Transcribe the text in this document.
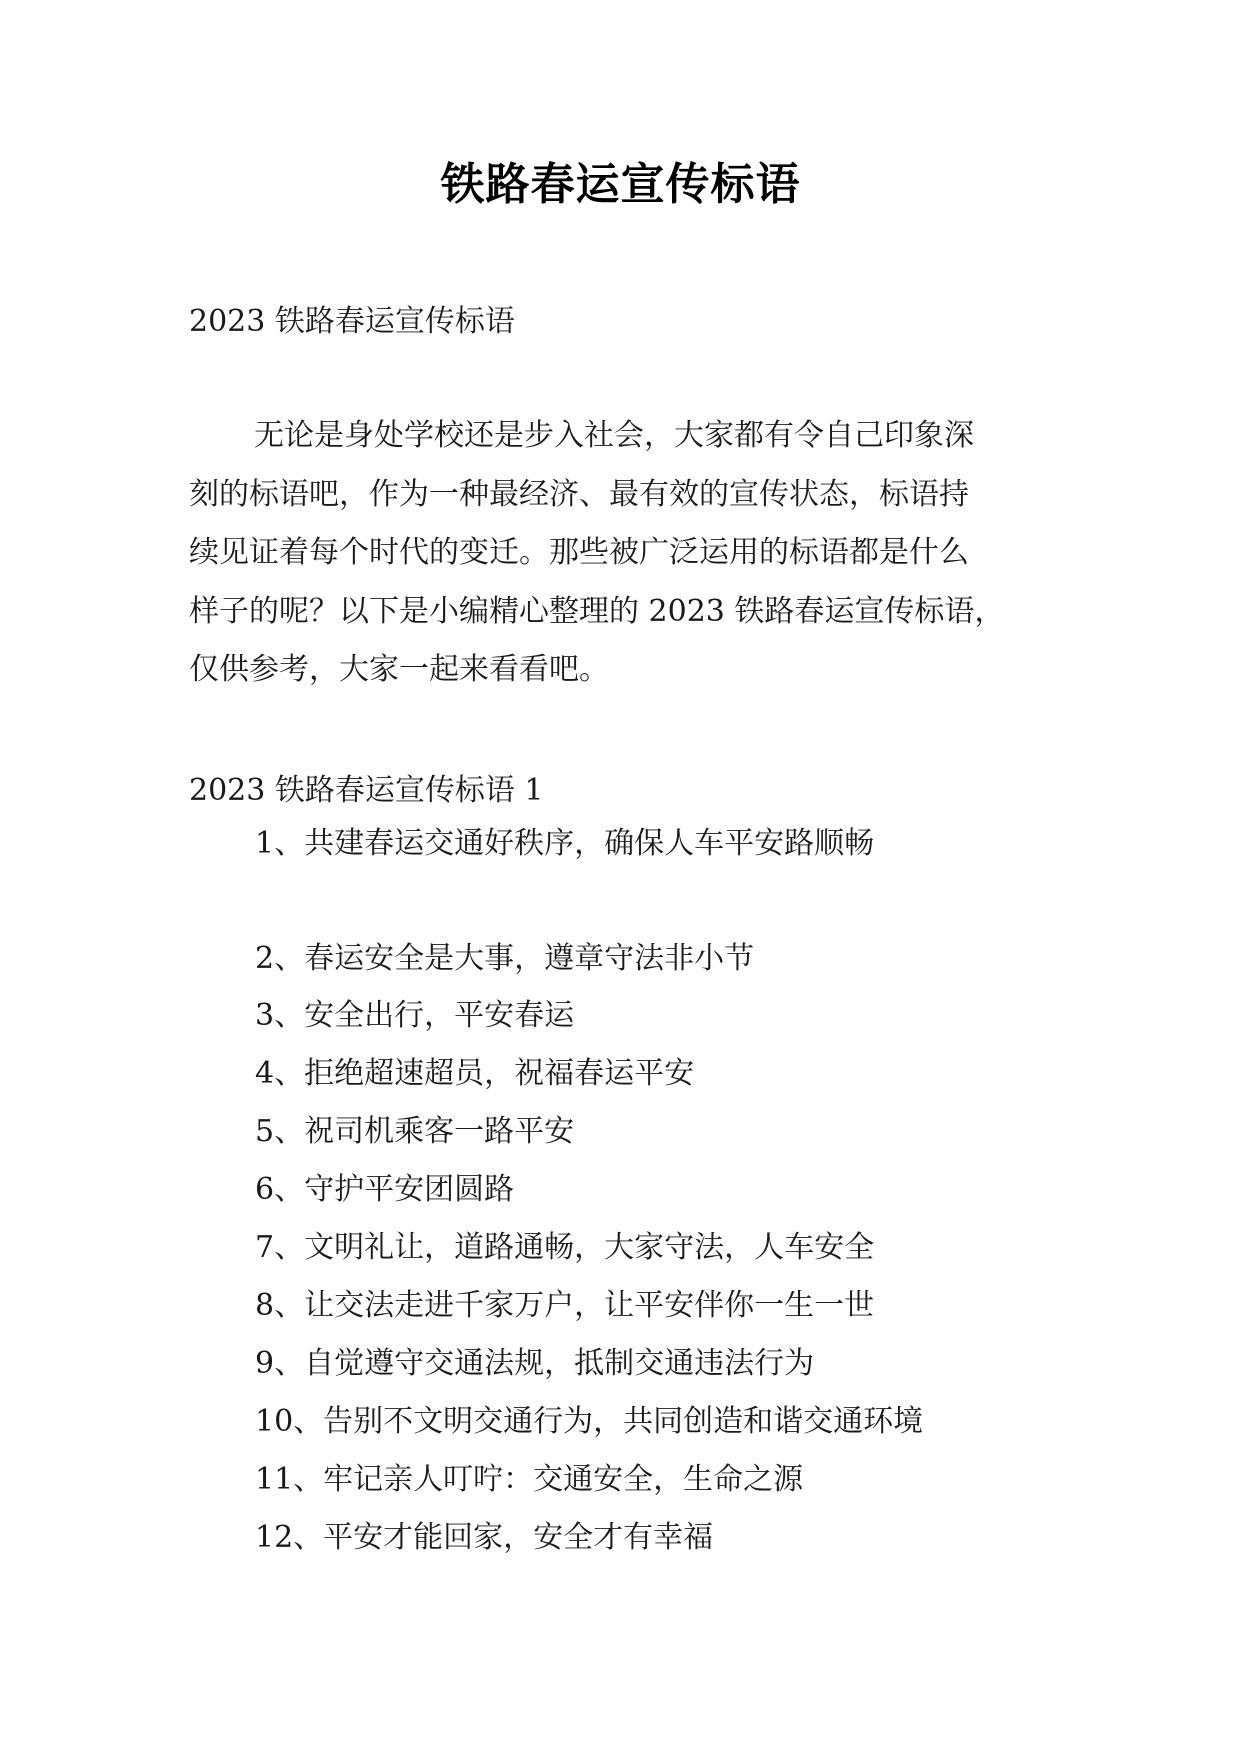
铁路春运宣传标语

2023 铁路春运宣传标语

无论是身处学校还是步入社会，大家都有令自己印象深
刻的标语吧，作为一种最经济、最有效的宣传状态，标语持
续见证着每个时代的变迁。那些被广泛运用的标语都是什么
样子的呢？以下是小编精心整理的 2023 铁路春运宣传标语，
仅供参考，大家一起来看看吧。

2023 铁路春运宣传标语 1

1、共建春运交通好秩序，确保人车平安路顺畅
2、春运安全是大事，遵章守法非小节
3、安全出行，平安春运
4、拒绝超速超员，祝福春运平安
5、祝司机乘客一路平安
6、守护平安团圆路
7、文明礼让，道路通畅，大家守法，人车安全
8、让交法走进千家万户，让平安伴你一生一世
9、自觉遵守交通法规，抵制交通违法行为
10、告别不文明交通行为，共同创造和谐交通环境
11、牢记亲人叮咛：交通安全，生命之源
12、平安才能回家，安全才有幸福
